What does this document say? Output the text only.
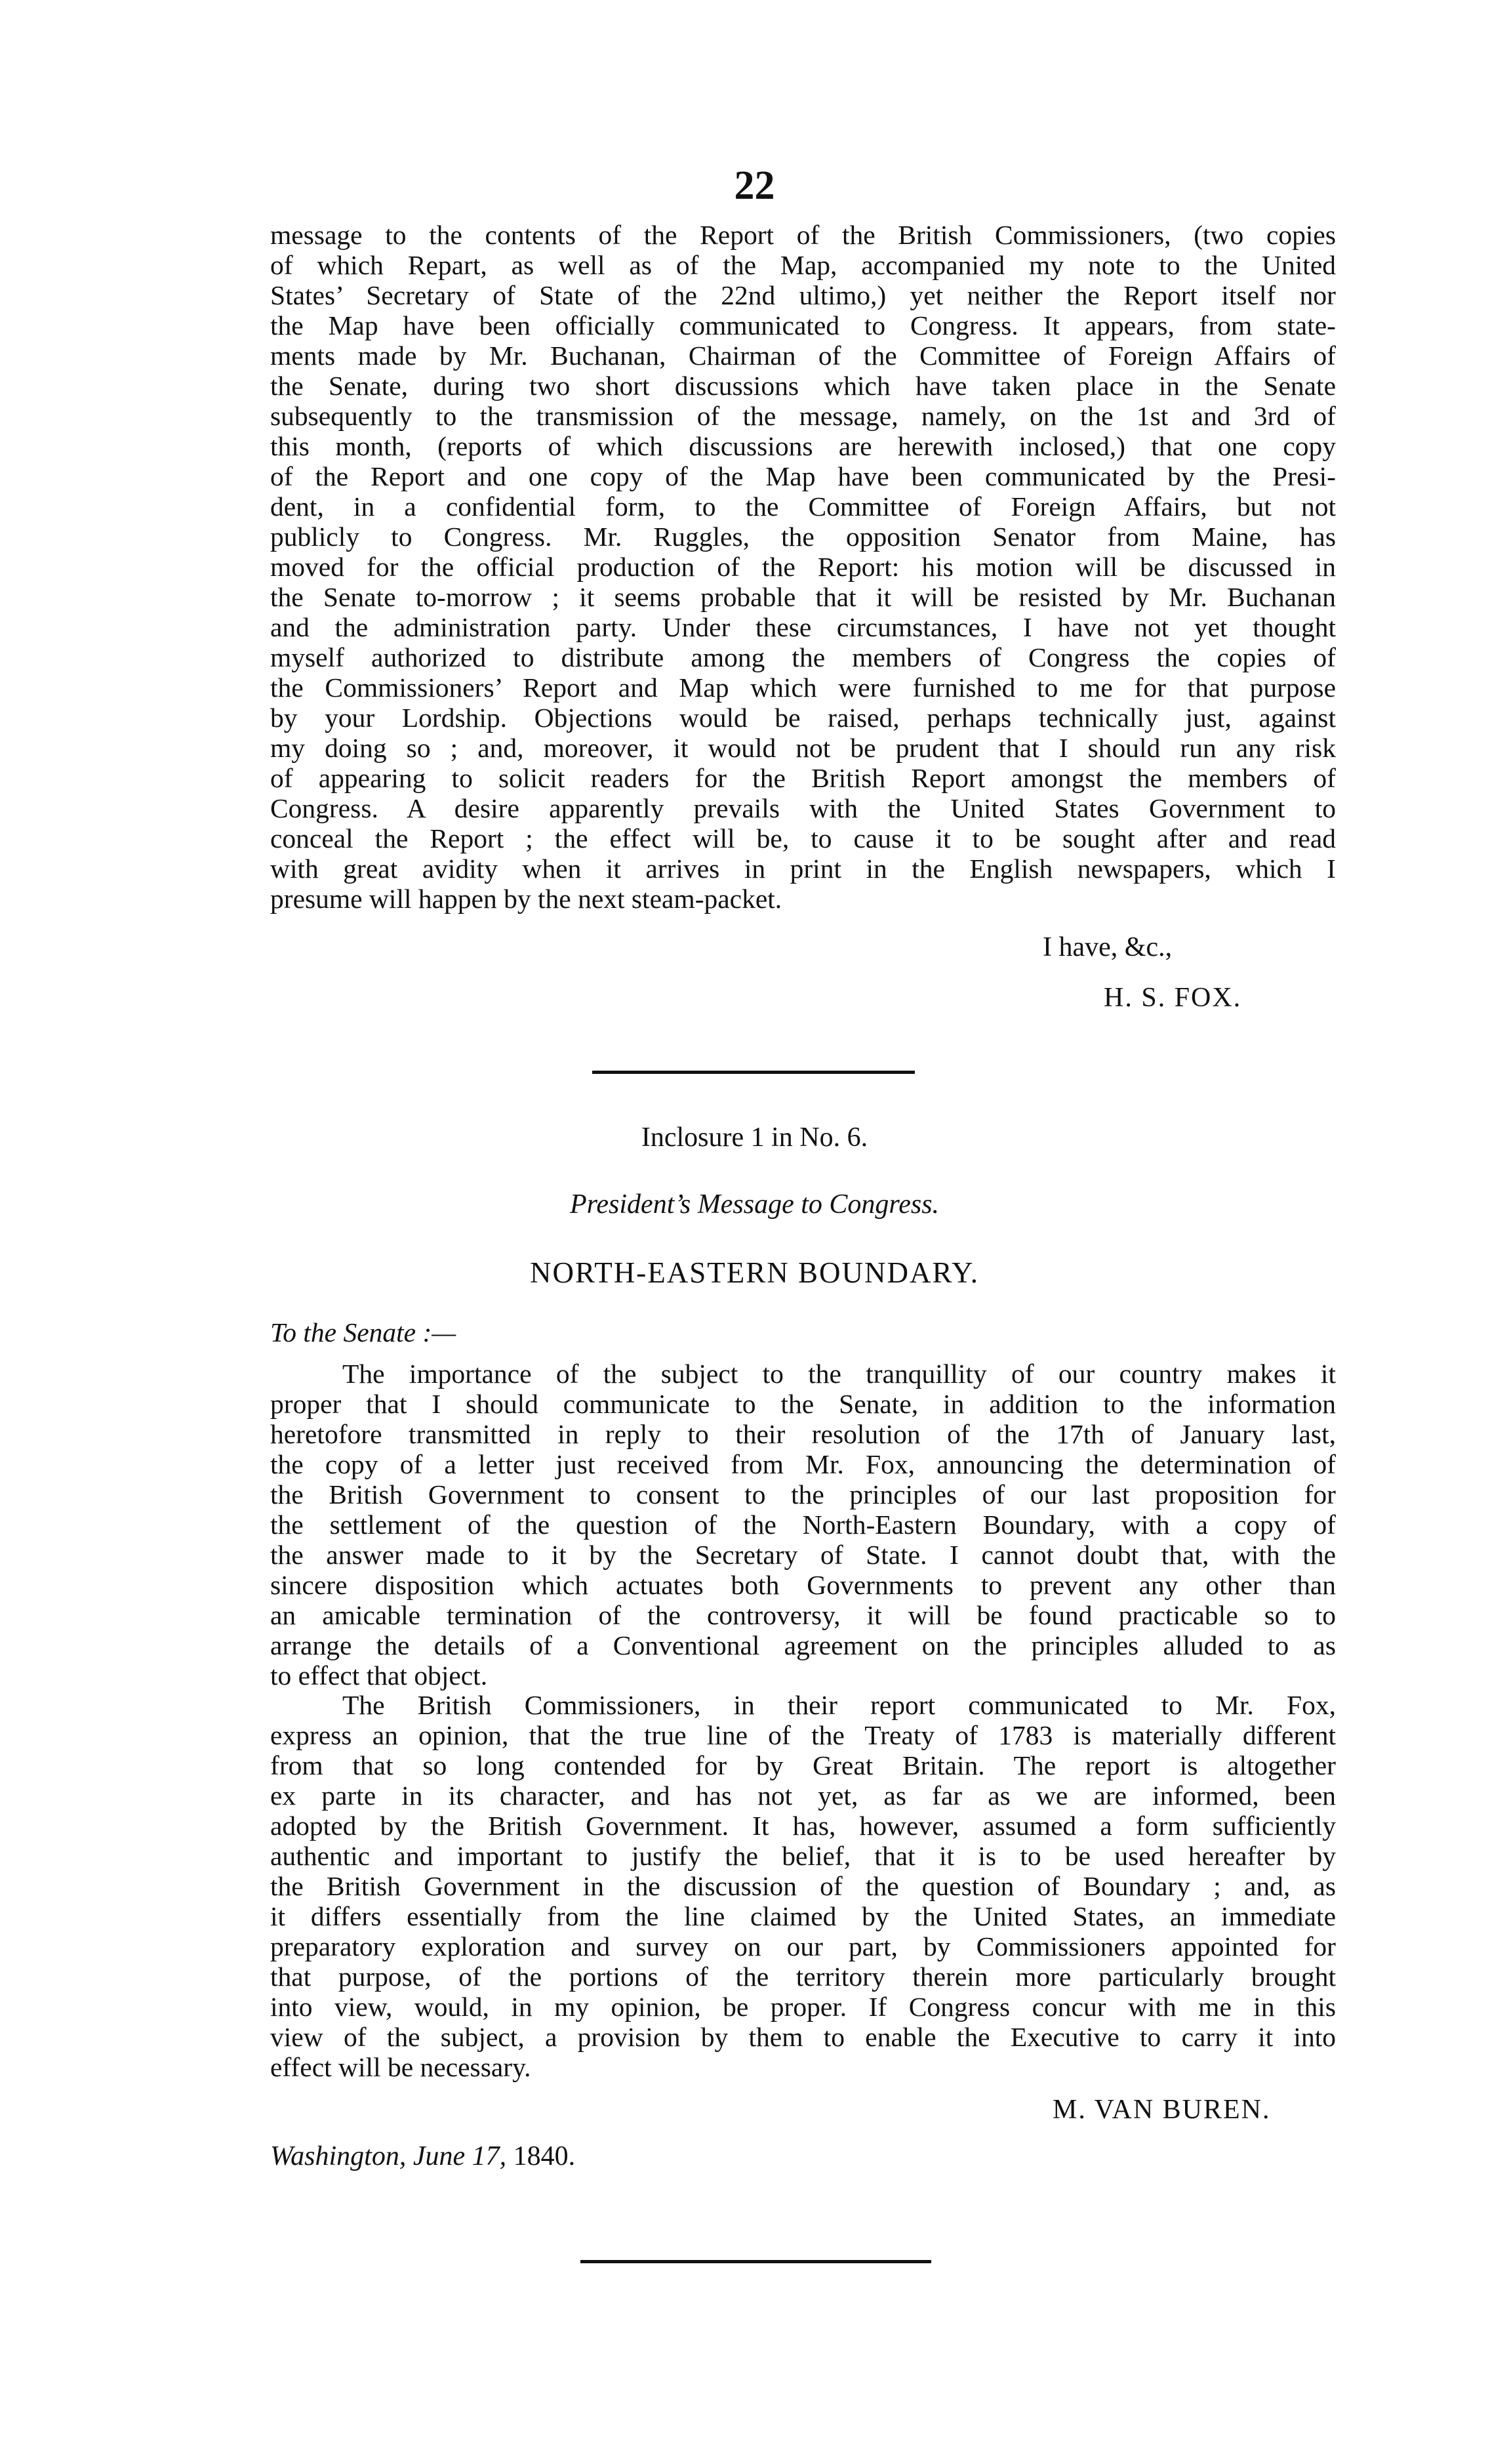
22
message to the contents of the Report of the British Commissioners, (two copies
of which Repart, as well as of the Map, accompanied my note to the United
States’ Secretary of State of the 22nd ultimo,) yet neither the Report itself nor
the Map have been officially communicated to Congress. It appears, from state-
ments made by Mr. Buchanan, Chairman of the Committee of Foreign Affairs of
the Senate, during two short discussions which have taken place in the Senate
subsequently to the transmission of the message, namely, on the 1st and 3rd of
this month, (reports of which discussions are herewith inclosed,) that one copy
of the Report and one copy of the Map have been communicated by the Presi-
dent, in a confidential form, to the Committee of Foreign Affairs, but not
publicly to Congress. Mr. Ruggles, the opposition Senator from Maine, has
moved for the official production of the Report: his motion will be discussed in
the Senate to-morrow ; it seems probable that it will be resisted by Mr. Buchanan
and the administration party. Under these circumstances, I have not yet thought
myself authorized to distribute among the members of Congress the copies of
the Commissioners’ Report and Map which were furnished to me for that purpose
by your Lordship. Objections would be raised, perhaps technically just, against
my doing so ; and, moreover, it would not be prudent that I should run any risk
of appearing to solicit readers for the British Report amongst the members of
Congress. A desire apparently prevails with the United States Government to
conceal the Report ; the effect will be, to cause it to be sought after and read
with great avidity when it arrives in print in the English newspapers, which I
presume will happen by the next steam-packet.
I have, &c.,
H. S. FOX.
Inclosure 1 in No. 6.
President’s Message to Congress.
NORTH-EASTERN BOUNDARY.
To the Senate :—
The importance of the subject to the tranquillity of our country makes it
proper that I should communicate to the Senate, in addition to the information
heretofore transmitted in reply to their resolution of the 17th of January last,
the copy of a letter just received from Mr. Fox, announcing the determination of
the British Government to consent to the principles of our last proposition for
the settlement of the question of the North-Eastern Boundary, with a copy of
the answer made to it by the Secretary of State. I cannot doubt that, with the
sincere disposition which actuates both Governments to prevent any other than
an amicable termination of the controversy, it will be found practicable so to
arrange the details of a Conventional agreement on the principles alluded to as
to effect that object.
The British Commissioners, in their report communicated to Mr. Fox,
express an opinion, that the true line of the Treaty of 1783 is materially different
from that so long contended for by Great Britain. The report is altogether
ex parte in its character, and has not yet, as far as we are informed, been
adopted by the British Government. It has, however, assumed a form sufficiently
authentic and important to justify the belief, that it is to be used hereafter by
the British Government in the discussion of the question of Boundary ; and, as
it differs essentially from the line claimed by the United States, an immediate
preparatory exploration and survey on our part, by Commissioners appointed for
that purpose, of the portions of the territory therein more particularly brought
into view, would, in my opinion, be proper. If Congress concur with me in this
view of the subject, a provision by them to enable the Executive to carry it into
effect will be necessary.
M. VAN BUREN.
Washington, June 17, 1840.
